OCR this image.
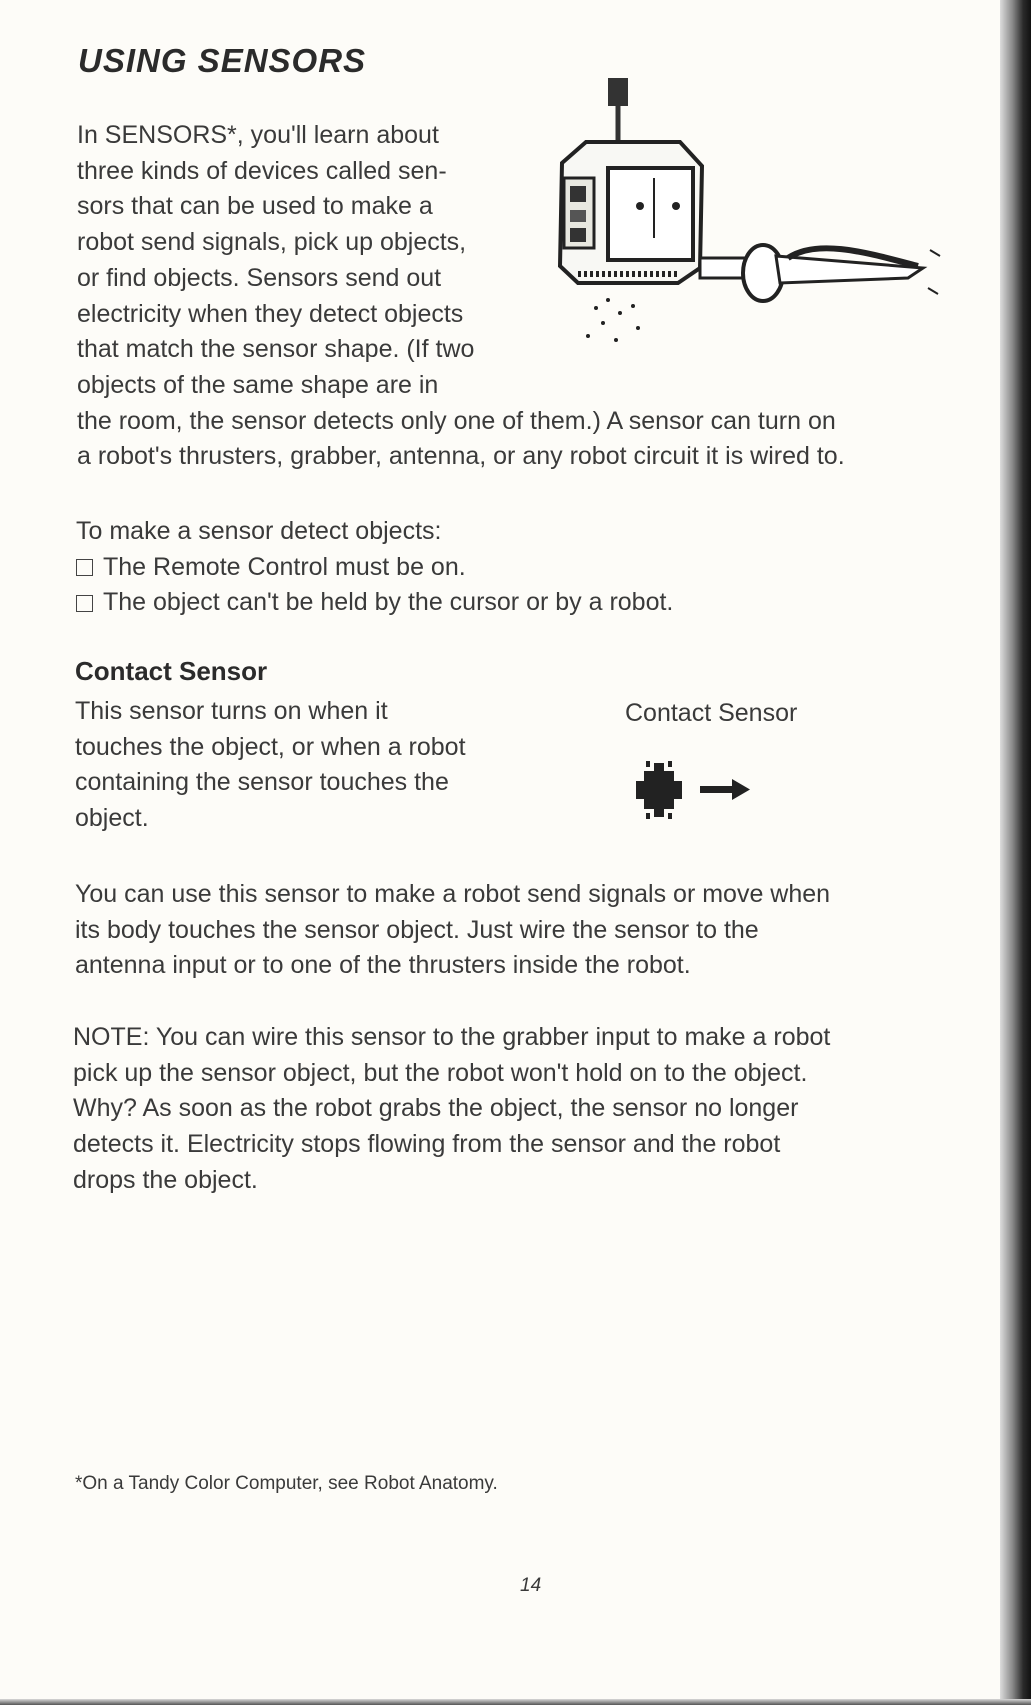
USING SENSORS
In SENSORS*, you'll learn about
three kinds of devices called sen-
sors that can be used to make a
robot send signals, pick up objects,
or find objects. Sensors send out
electricity when they detect objects
that match the sensor shape. (If two
objects of the same shape are in
the room, the sensor detects only one of them.) A sensor can turn on
a robot's thrusters, grabber, antenna, or any robot circuit it is wired to.
To make a sensor detect objects:
The Remote Control must be on.
The object can't be held by the cursor or by a robot.
Contact Sensor
This sensor turns on when it
touches the object, or when a robot
containing the sensor touches the
object.
Contact Sensor
You can use this sensor to make a robot send signals or move when
its body touches the sensor object. Just wire the sensor to the
antenna input or to one of the thrusters inside the robot.
NOTE: You can wire this sensor to the grabber input to make a robot
pick up the sensor object, but the robot won't hold on to the object.
Why? As soon as the robot grabs the object, the sensor no longer
detects it. Electricity stops flowing from the sensor and the robot
drops the object.

*On a Tandy Color Computer, see Robot Anatomy.

14
